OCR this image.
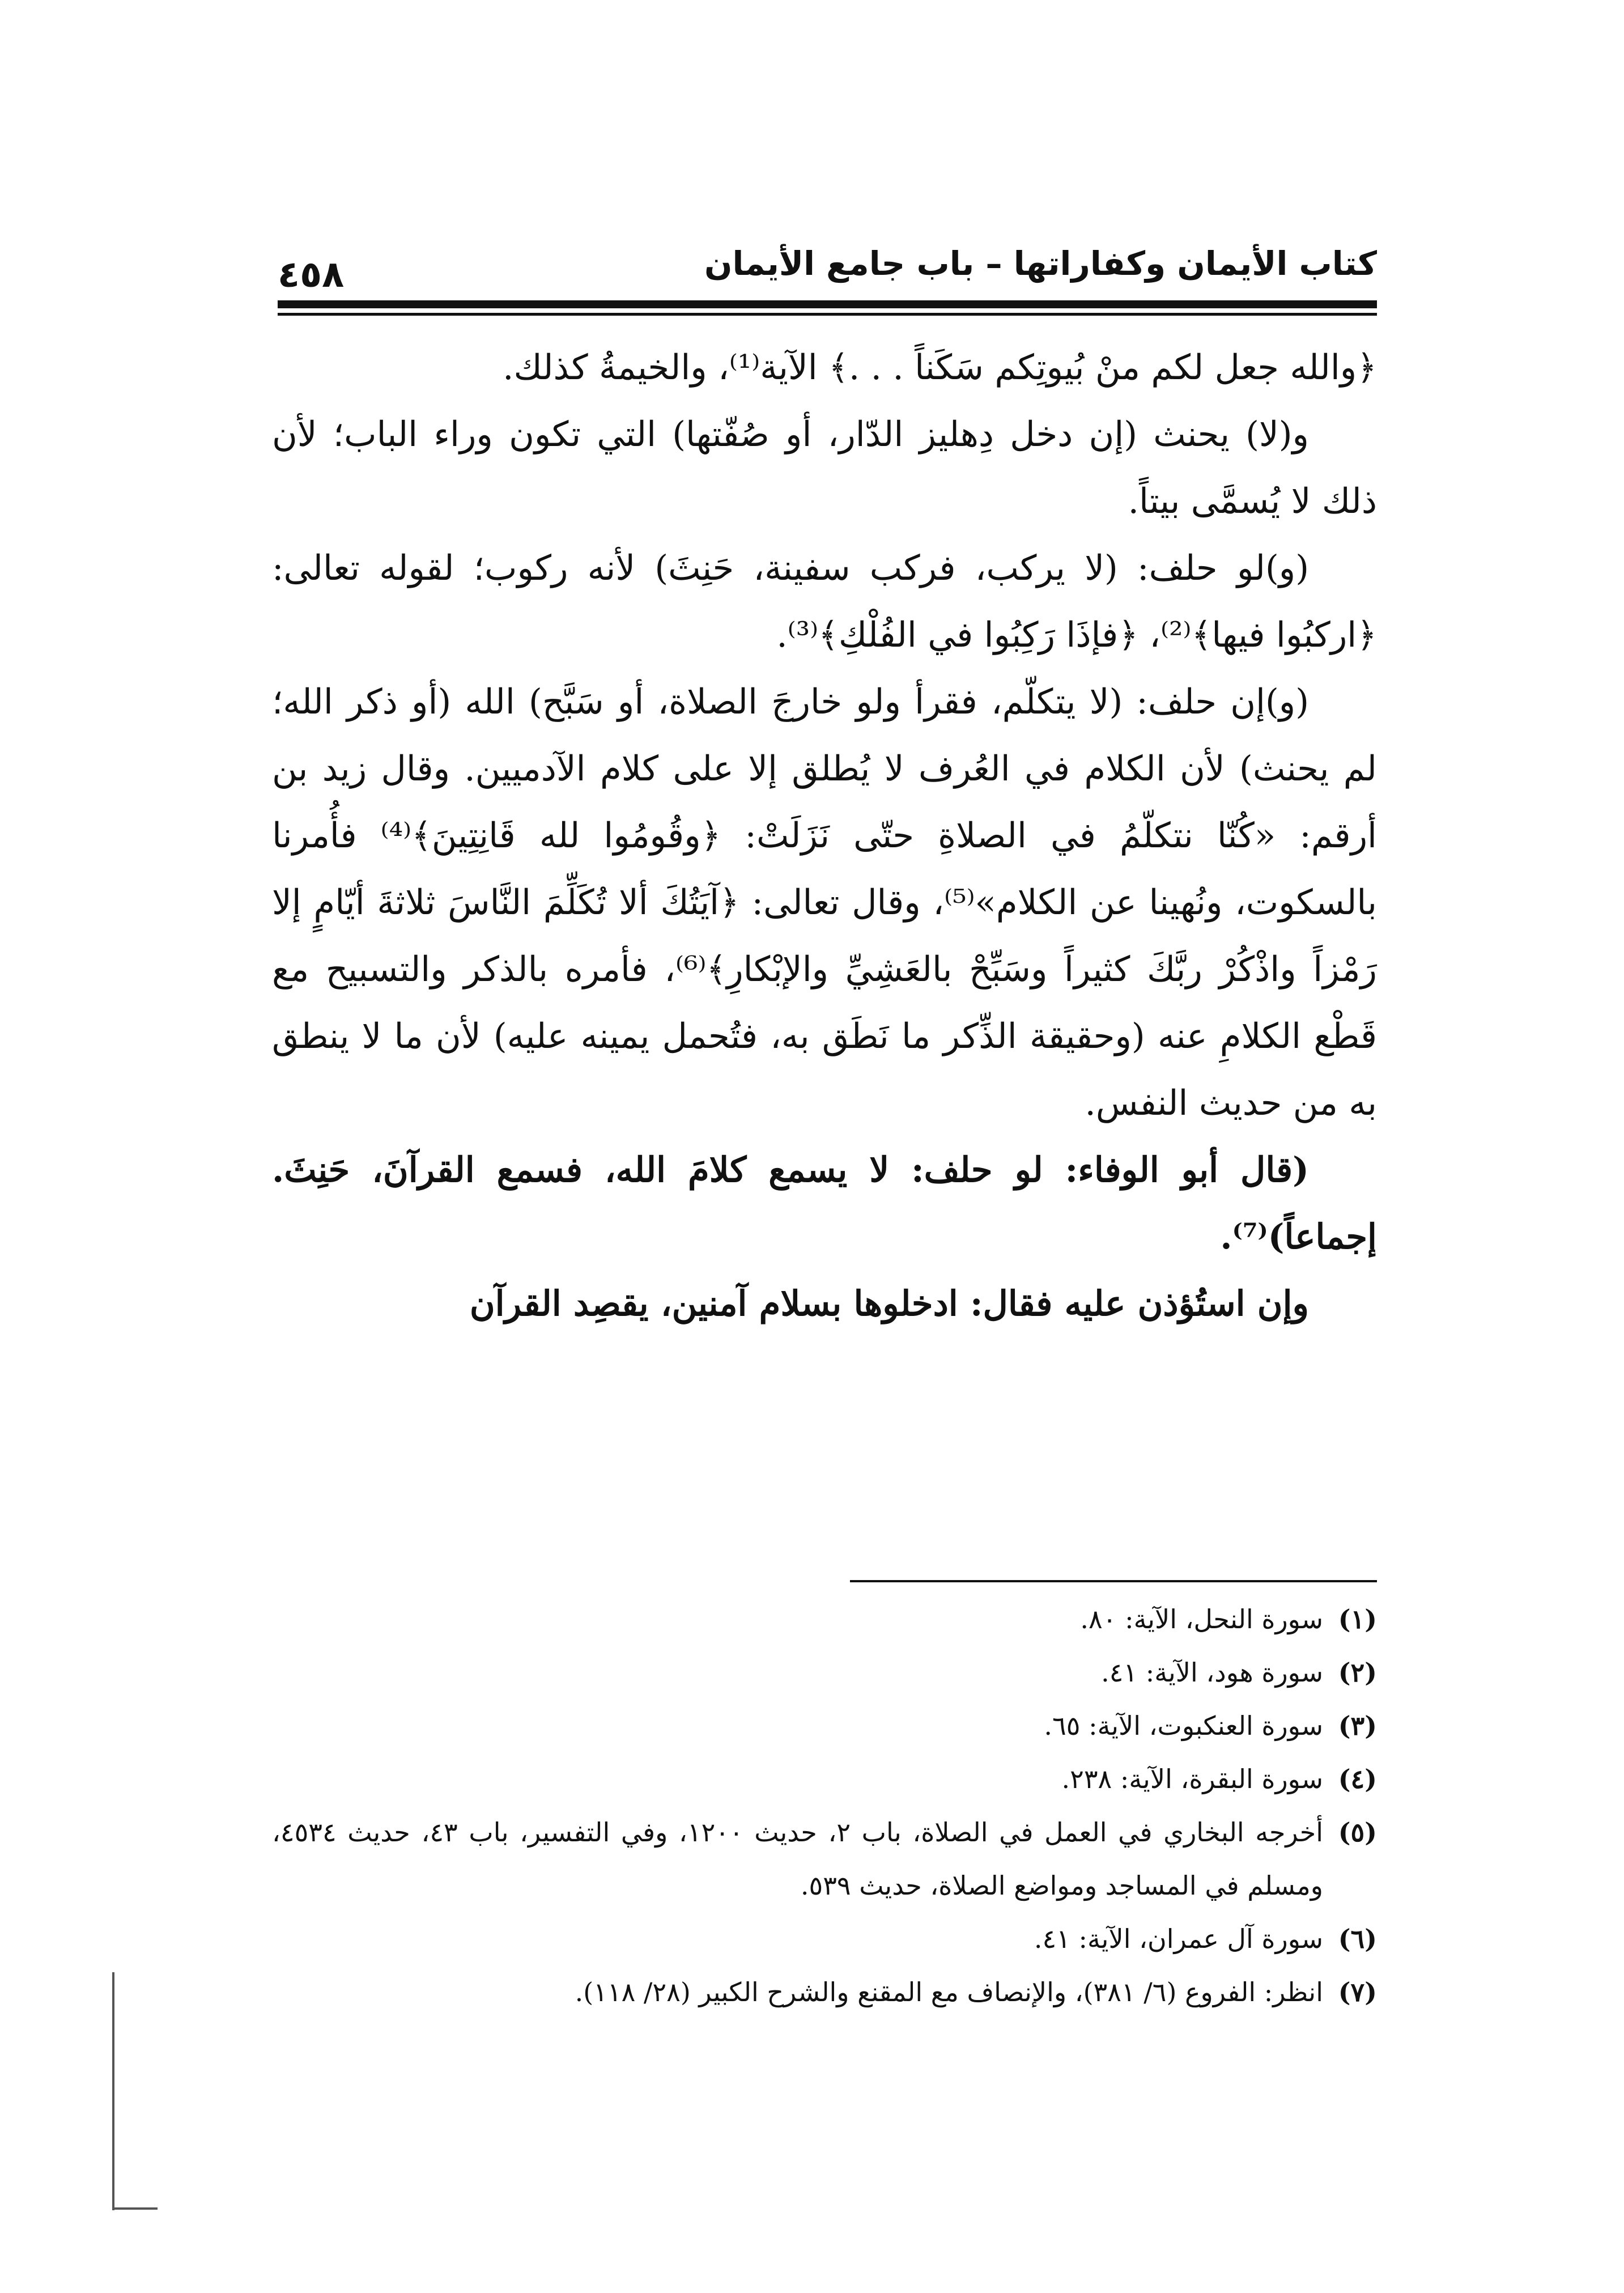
٤٥٨	كتاب الأيمان وكفاراتها – باب جامع الأيمان

﴿والله جعل لكم منْ بُيوتِكم سَكَناً . . .﴾ الآية⁽¹⁾، والخيمةُ كذلك.

و(لا) يحنث (إن دخل دِهليز الدّار، أو صُفّتها) التي تكون وراء الباب؛ لأن ذلك لا يُسمَّى بيتاً.

(و)لو حلف: (لا يركب، فركب سفينة، حَنِثَ) لأنه ركوب؛ لقوله تعالى: ﴿اركبُوا فيها﴾⁽²⁾، ﴿فإذَا رَكِبُوا في الفُلْكِ﴾⁽³⁾.

(و)إن حلف: (لا يتكلّم، فقرأ ولو خارجَ الصلاة، أو سَبَّح) الله (أو ذكر الله؛ لم يحنث) لأن الكلام في العُرف لا يُطلق إلا على كلام الآدميين. وقال زيد بن أرقم: «كُنّا نتكلّمُ في الصلاةِ حتّى نَزَلَتْ: ﴿وقُومُوا لله قَانِتِينَ﴾⁽⁴⁾ فأُمرنا بالسكوت، ونُهينا عن الكلام»⁽⁵⁾، وقال تعالى: ﴿آيَتُكَ ألا تُكَلِّمَ النَّاسَ ثلاثةَ أيّامٍ إلا رَمْزاً واذْكُرْ ربَّكَ كثيراً وسَبِّحْ بالعَشِيِّ والإبْكارِ﴾⁽⁶⁾، فأمره بالذكر والتسبيح مع قَطْع الكلامِ عنه (وحقيقة الذِّكر ما نَطَق به، فتُحمل يمينه عليه) لأن ما لا ينطق به من حديث النفس.

(قال أبو الوفاء: لو حلف: لا يسمع كلامَ الله، فسمع القرآنَ، حَنِثَ. إجماعاً)⁽⁷⁾.

وإن استُؤذن عليه فقال: ادخلوها بسلام آمنين، يقصِد القرآن

(١)
سورة النحل، الآية: ٨٠.
(٢)
سورة هود، الآية: ٤١.
(٣)
سورة العنكبوت، الآية: ٦٥.
(٤)
سورة البقرة، الآية: ٢٣٨.
(٥)
أخرجه البخاري في العمل في الصلاة، باب ٢، حديث ١٢٠٠، وفي التفسير، باب ٤٣، حديث ٤٥٣٤، ومسلم في المساجد ومواضع الصلاة، حديث ٥٣٩.
(٦)
سورة آل عمران، الآية: ٤١.
(٧)
انظر: الفروع (٦/ ٣٨١)، والإنصاف مع المقنع والشرح الكبير (٢٨/ ١١٨).
